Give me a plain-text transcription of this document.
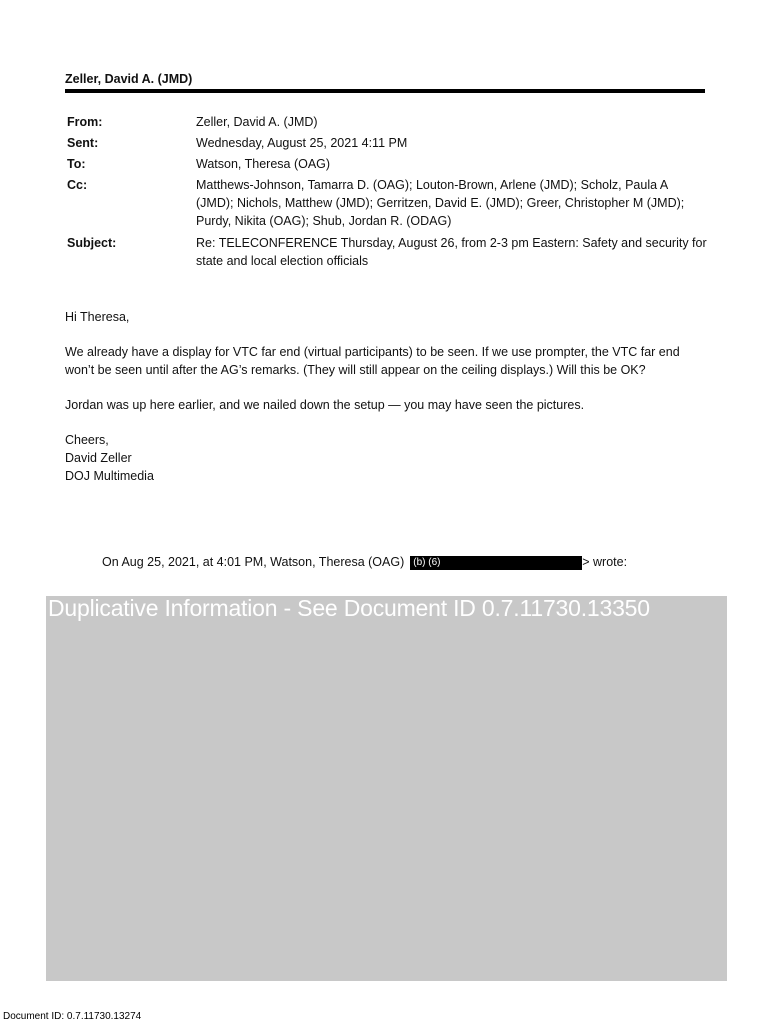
Zeller, David A. (JMD)
From:	Zeller, David A. (JMD)
Sent:	Wednesday, August 25, 2021 4:11 PM
To:	Watson, Theresa (OAG)
Cc:	Matthews-Johnson, Tamarra D. (OAG); Louton-Brown, Arlene (JMD); Scholz, Paula A (JMD); Nichols, Matthew (JMD); Gerritzen, David E. (JMD); Greer, Christopher M (JMD); Purdy, Nikita (OAG); Shub, Jordan R. (ODAG)
Subject:	Re: TELECONFERENCE Thursday, August 26, from 2-3 pm Eastern: Safety and security for state and local election officials

Hi Theresa,

We already have a display for VTC far end (virtual participants) to be seen. If we use prompter, the VTC far end won’t be seen until after the AG’s remarks. (They will still appear on the ceiling displays.) Will this be OK?

Jordan was up here earlier, and we nailed down the setup — you may have seen the pictures.

Cheers,
David Zeller
DOJ Multimedia

On Aug 25, 2021, at 4:01 PM, Watson, Theresa (OAG) (b) (6)	> wrote:
Duplicative Information - See Document ID 0.7.11730.13350
Document ID: 0.7.11730.13274
